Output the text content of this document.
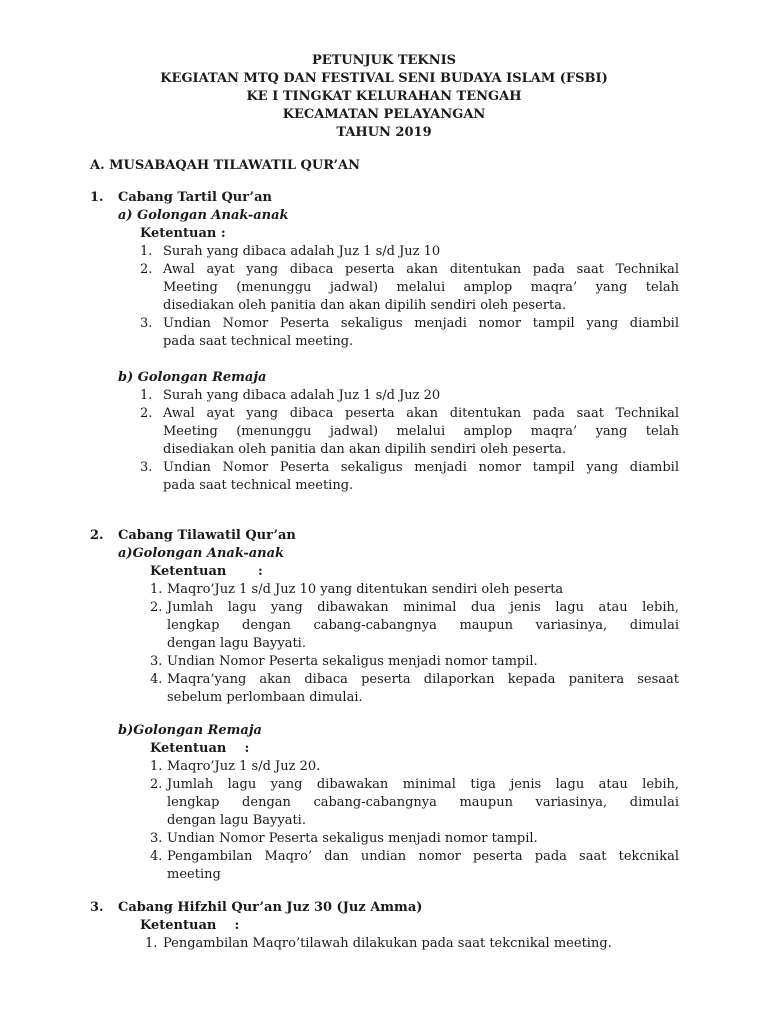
PETUNJUK TEKNIS
KEGIATAN MTQ DAN FESTIVAL SENI BUDAYA ISLAM (FSBI)
KE I TINGKAT KELURAHAN TENGAH
KECAMATAN PELAYANGAN
TAHUN 2019
A. MUSABAQAH TILAWATIL QUR’AN
1. Cabang Tartil Qur’an
a) Golongan Anak-anak
Ketentuan :
1. Surah yang dibaca adalah Juz 1 s/d Juz 10
2. Awal ayat yang dibaca peserta akan ditentukan pada saat Technikal
Meeting (menunggu jadwal) melalui amplop maqra’ yang telah
disediakan oleh panitia dan akan dipilih sendiri oleh peserta.
3. Undian Nomor Peserta sekaligus menjadi nomor tampil yang diambil
pada saat technical meeting.
b) Golongan Remaja
1. Surah yang dibaca adalah Juz 1 s/d Juz 20
2. Awal ayat yang dibaca peserta akan ditentukan pada saat Technikal
Meeting (menunggu jadwal) melalui amplop maqra’ yang telah
disediakan oleh panitia dan akan dipilih sendiri oleh peserta.
3. Undian Nomor Peserta sekaligus menjadi nomor tampil yang diambil
pada saat technical meeting.
2. Cabang Tilawatil Qur’an
a)Golongan Anak-anak
Ketentuan       :
1. Maqro’Juz 1 s/d Juz 10 yang ditentukan sendiri oleh peserta
2. Jumlah lagu yang dibawakan minimal dua jenis lagu atau lebih,
lengkap dengan cabang-cabangnya maupun variasinya, dimulai
dengan lagu Bayyati.
3. Undian Nomor Peserta sekaligus menjadi nomor tampil.
4. Maqra’yang akan dibaca peserta dilaporkan kepada panitera sesaat
sebelum perlombaan dimulai.
b)Golongan Remaja
Ketentuan    :
1. Maqro’Juz 1 s/d Juz 20.
2. Jumlah lagu yang dibawakan minimal tiga jenis lagu atau lebih,
lengkap dengan cabang-cabangnya maupun variasinya, dimulai
dengan lagu Bayyati.
3. Undian Nomor Peserta sekaligus menjadi nomor tampil.
4. Pengambilan Maqro’ dan undian nomor peserta pada saat tekcnikal
meeting
3. Cabang Hifzhil Qur’an Juz 30 (Juz Amma)
Ketentuan    :
1. Pengambilan Maqro’tilawah dilakukan pada saat tekcnikal meeting.
